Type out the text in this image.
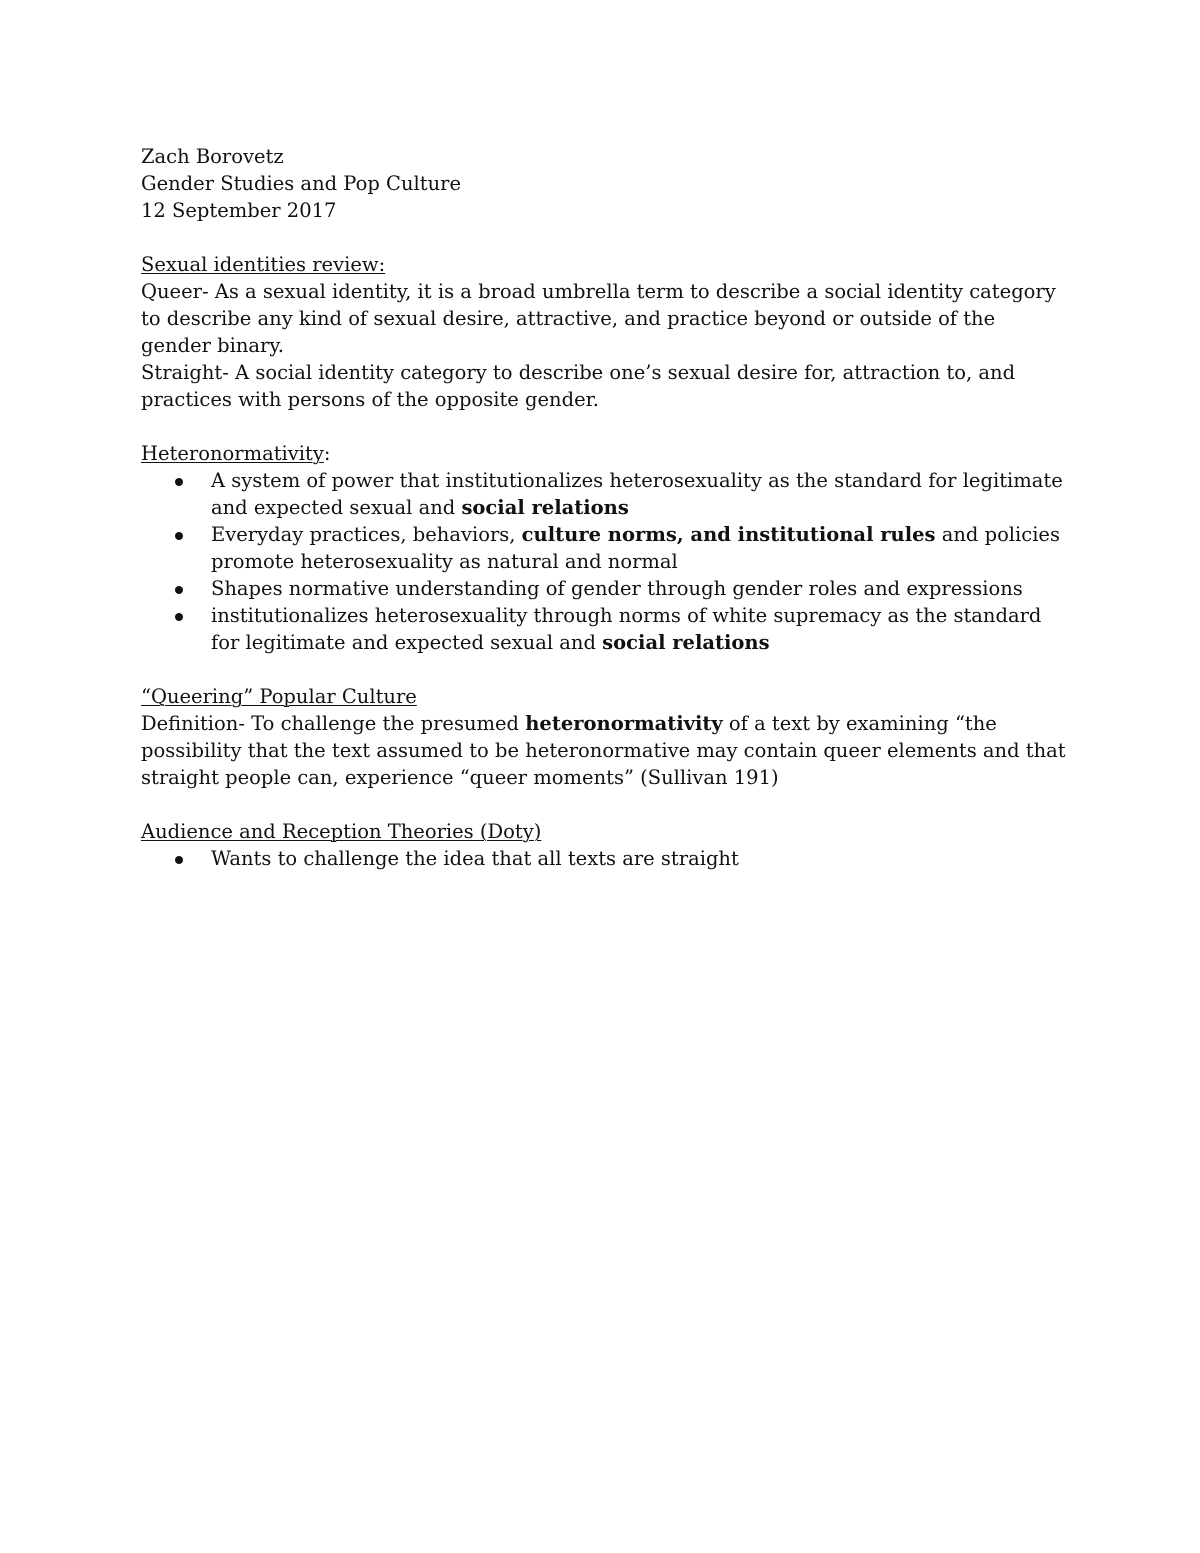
Zach Borovetz

Gender Studies and Pop Culture

12 September 2017

Sexual identities review:

Queer- As a sexual identity, it is a broad umbrella term to describe a social identity category to describe any kind of sexual desire, attractive, and practice beyond or outside of the gender binary.

Straight- A social identity category to describe one’s sexual desire for, attraction to, and practices with persons of the opposite gender.

Heteronormativity:

A system of power that institutionalizes heterosexuality as the standard for legitimate and expected sexual and social relations
Everyday practices, behaviors, culture norms, and institutional rules and policies promote heterosexuality as natural and normal
Shapes normative understanding of gender through gender roles and expressions
institutionalizes heterosexuality through norms of white supremacy as the standard for legitimate and expected sexual and social relations

“Queering” Popular Culture

Definition- To challenge the presumed heteronormativity of a text by examining “the possibility that the text assumed to be heteronormative may contain queer elements and that straight people can, experience “queer moments” (Sullivan 191)

Audience and Reception Theories (Doty)

Wants to challenge the idea that all texts are straight
